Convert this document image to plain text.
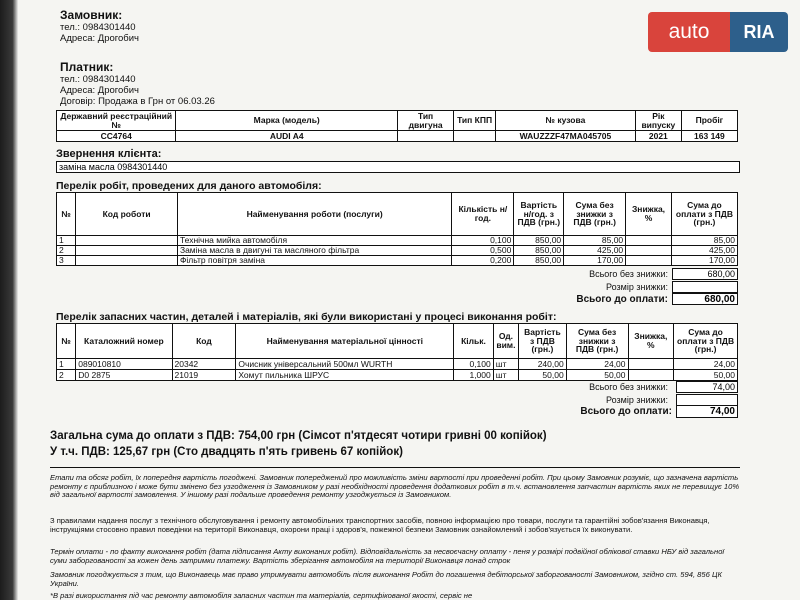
Замовник:
тел.: 0984301440
Адреса: Дрогобич	auto	RIA
Платник:
тел.: 0984301440
Адреса: Дрогобич
Договір: Продажа в Грн от 06.03.26
Державний реєстраційний №	Марка (модель)	Тип двигуна	Тип КПП	№ кузова	Рік випуску	Пробіг
СС4764	AUDI A4			WAUZZZF47MA045705	2021	163 149
Звернення клієнта:
заміна масла 0984301440
Перелік робіт, проведених для даного автомобіля:
№	Код роботи	Найменування роботи (послуги)	Кількість н/год.	Вартість н/год. з ПДВ (грн.)	Сума без знижки з ПДВ (грн.)	Знижка, %	Сума до оплати з ПДВ (грн.)
1		Технічна мийка автомобіля	0,100	850,00	85,00		85,00
2		Заміна масла в двигуні та масляного фільтра	0,500	850,00	425,00		425,00
3		Фільтр повітря заміна	0,200	850,00	170,00		170,00
Всього без знижки:	680,00
Розмір знижки:
Всього до оплати:	680,00
Перелік запасних частин, деталей і матеріалів, які були використані у процесі виконання робіт:
№	Каталожний номер	Код	Найменування матеріальної цінності	Кільк.	Од. вим.	Вартість з ПДВ (грн.)	Сума без знижки з ПДВ (грн.)	Знижка, %	Сума до оплати з ПДВ (грн.)
1	089010810	20342	Очисник універсальний 500мл WURTH	0,100	шт	240,00	24,00		24,00
2	D0 2875	21019	Хомут пильника ШРУС	1,000	шт	50,00	50,00		50,00
Всього без знижки:	74,00
Розмір знижки:
Всього до оплати:	74,00
Загальна сума до оплати з ПДВ: 754,00 грн (Сімсот п'ятдесят чотири гривні 00 копійок)
У т.ч. ПДВ: 125,67 грн (Сто двадцять п'ять гривень 67 копійок)
Етапи та обсяг робіт, їх попередня вартість погоджені. Замовник попереджений про можливість зміни вартості при проведенні робіт. При цьому Замовник розуміє, що зазначена вартість ремонту є приблизною і може бути змінено без узгодження із Замовником у разі необхідності проведення додаткових робіт в т.ч. встановлення запчастин вартість яких не перевищує 10% від загальної вартості замовлення. У іншому разі подальше проведення ремонту узгоджується із Замовником.
З правилами надання послуг з технічного обслуговування і ремонту автомобільних транспортних засобів, повною інформацією про товари, послуги та гарантійні зобов'язання Виконавця, інструкціями стосовно правил поведінки на території Виконавця, охорони праці і здоров'я, пожежної безпеки Замовник ознайомлений і зобов'язується їх виконувати.
Термін оплати - по факту виконання робіт (дата підписання Акту виконаних робіт). Відповідальність за несвоєчасну оплату - пеня у розмірі подвійної облікової ставки НБУ від загальної суми заборгованості за кожен день затримки платежу. Вартість зберігання автомобіля на території Виконавця понад строк
Замовник погоджується з тим, що Виконавець має право утримувати автомобіль після виконання Робіт до погашення дебіторської заборгованості Замовником, згідно ст. 594, 856 ЦК України.
*В разі використання під час ремонту автомобіля запасних частин та матеріалів, сертифікованої якості, сервіс не
